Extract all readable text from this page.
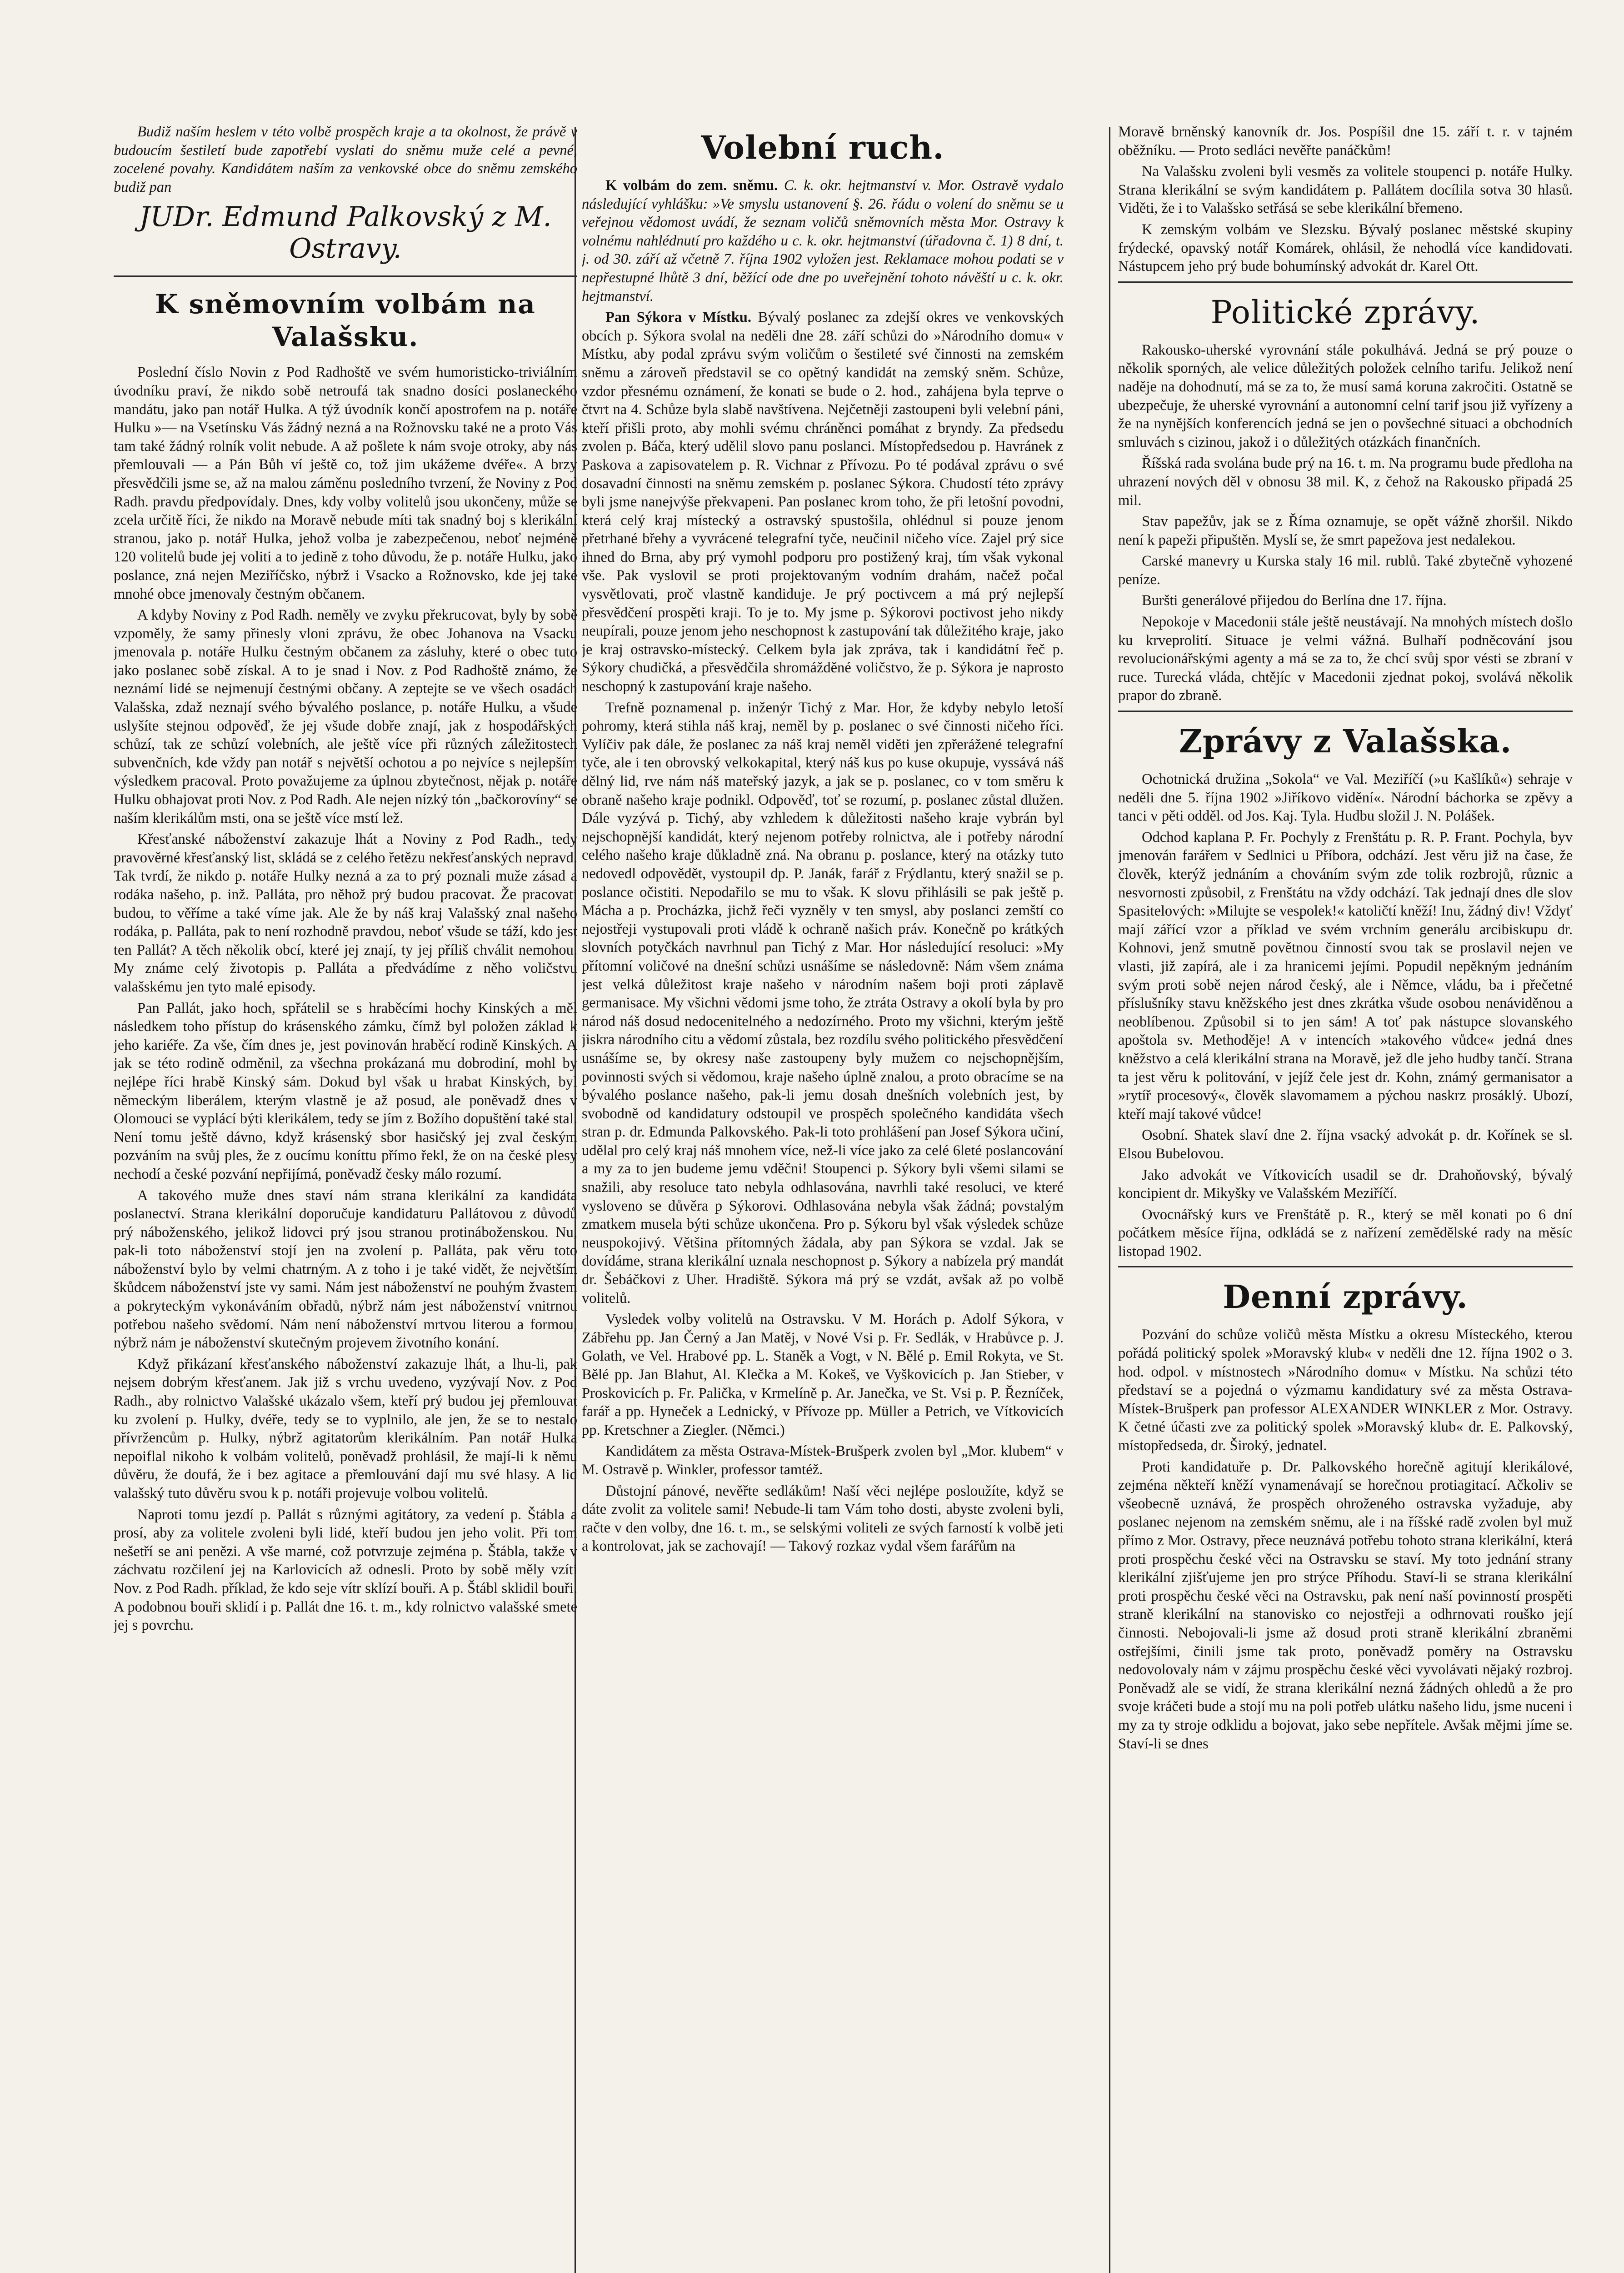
Budiž naším heslem v této volbě prospěch kraje a ta okolnost, že právě v budoucím šestiletí bude zapotřebí vyslati do sněmu muže celé a pevné, zocelené povahy. Kandidátem naším za venkovské obce do sněmu zemského budiž pan

JUDr. Edmund Palkovský z M. Ostravy.
K sněmovním volbám na Valašsku.

Poslední číslo Novin z Pod Radhoště ve svém humoristicko-triviálním úvodníku praví, že nikdo sobě netroufá tak snadno dosíci poslaneckého mandátu, jako pan notář Hulka. A týž úvodník končí apostrofem na p. notáře Hulku »— na Vsetínsku Vás žádný nezná a na Rožnovsku také ne a proto Vás tam také žádný rolník volit nebude. A až pošlete k nám svoje otroky, aby nás přemlouvali — a Pán Bůh ví ještě co, tož jim ukážeme dvéře«. A brzy přesvědčili jsme se, až na malou záměnu posledního tvrzení, že Noviny z Pod Radh. pravdu předpovídaly. Dnes, kdy volby volitelů jsou ukončeny, může se zcela určitě říci, že nikdo na Moravě nebude míti tak snadný boj s klerikální stranou, jako p. notář Hulka, jehož volba je zabezpečenou, neboť nejméně 120 volitelů bude jej voliti a to jedině z toho důvodu, že p. notáře Hulku, jako poslance, zná nejen Meziříčsko, nýbrž i Vsacko a Rožnovsko, kde jej také mnohé obce jmenovaly čestným občanem.

A kdyby Noviny z Pod Radh. neměly ve zvyku překrucovat, byly by sobě vzpoměly, že samy přinesly vloni zprávu, že obec Johanova na Vsacku jmenovala p. notáře Hulku čestným občanem za zásluhy, které o obec tuto jako poslanec sobě získal. A to je snad i Nov. z Pod Radhoště známo, že neznámí lidé se nejmenují čestnými občany. A zeptejte se ve všech osadách Valašska, zdaž neznají svého bývalého poslance, p. notáře Hulku, a všude uslyšíte stejnou odpověď, že jej všude dobře znají, jak z hospodářských schůzí, tak ze schůzí volebních, ale ještě více při různých záležitostech subvenčních, kde vždy pan notář s největší ochotou a po nejvíce s nejlepším výsledkem pracoval. Proto považujeme za úplnou zbytečnost, nějak p. notáře Hulku obhajovat proti Nov. z Pod Radh. Ale nejen nízký tón „bačkorovíny“ se naším klerikálům msti, ona se ještě více mstí lež.

Křesťanské náboženství zakazuje lhát a Noviny z Pod Radh., tedy pravověrné křesťanský list, skládá se z celého řetězu nekřesťanských nepravd. Tak tvrdí, že nikdo p. notáře Hulky nezná a za to prý poznali muže zásad a rodáka našeho, p. inž. Palláta, pro něhož prý budou pracovat. Že pracovati budou, to věříme a také víme jak. Ale že by náš kraj Valašský znal našeho rodáka, p. Palláta, pak to není rozhodně pravdou, neboť všude se táží, kdo jest ten Pallát? A těch několik obcí, které jej znají, ty jej příliš chválit nemohou. My známe celý životopis p. Palláta a předvádíme z něho voličstvu valašskému jen tyto malé episody.

Pan Pallát, jako hoch, spřátelil se s hraběcími hochy Kinských a měl následkem toho přístup do krásenského zámku, čímž byl položen základ k jeho kariéře. Za vše, čím dnes je, jest povinován hraběcí rodině Kinských. A jak se této rodině odměnil, za všechna prokázaná mu dobrodiní, mohl by nejlépe říci hrabě Kinský sám. Dokud byl však u hrabat Kinských, byl německým liberálem, kterým vlastně je až posud, ale poněvadž dnes v Olomouci se vyplácí býti klerikálem, tedy se jím z Božího dopuštění také stal. Není tomu ještě dávno, když krásenský sbor hasičský jej zval českým pozváním na svůj ples, že z oucímu koníttu přímo řekl, že on na české plesy nechodí a české pozvání nepřijímá, poněvadž česky málo rozumí.

A takového muže dnes staví nám strana klerikální za kandidáta poslanectví. Strana klerikální doporučuje kandidaturu Pallátovou z důvodů prý náboženského, jelikož lidovci prý jsou stranou protináboženskou. Nu, pak-li toto náboženství stojí jen na zvolení p. Palláta, pak věru toto náboženství bylo by velmi chatrným. A z toho i je také vidět, že největším škůdcem náboženství jste vy sami. Nám jest náboženství ne pouhým žvastem a pokryteckým vykonáváním obřadů, nýbrž nám jest náboženství vnitrnou potřebou našeho svědomí. Nám není náboženství mrtvou literou a formou, nýbrž nám je náboženství skutečným projevem životního konání.

Když přikázaní křesťanského náboženství zakazuje lhát, a lhu-li, pak nejsem dobrým křesťanem. Jak již s vrchu uvedeno, vyzývají Nov. z Pod Radh., aby rolnictvo Valašské ukázalo všem, kteří prý budou jej přemlouvat ku zvolení p. Hulky, dvéře, tedy se to vyplnilo, ale jen, že se to nestalo přívržencům p. Hulky, nýbrž agitatorům klerikálním. Pan notář Hulka nepoiflal nikoho k volbám volitelů, poněvadž prohlásil, že mají-li k němu důvěru, že doufá, že i bez agitace a přemlouvání dají mu své hlasy. A lid valašský tuto důvěru svou k p. notáři projevuje volbou volitelů.

Naproti tomu jezdí p. Pallát s různými agitátory, za vedení p. Štábla a prosí, aby za volitele zvoleni byli lidé, kteří budou jen jeho volit. Při tom nešetří se ani penězi. A vše marné, což potvrzuje zejména p. Štábla, takže v záchvatu rozčilení jej na Karlovicích až odnesli. Proto by sobě měly vzíti Nov. z Pod Radh. příklad, že kdo seje vítr sklízí bouři. A p. Štábl sklidil bouři. A podobnou bouři sklidí i p. Pallát dne 16. t. m., kdy rolnictvo valašské smete jej s povrchu.

Volební ruch.

K volbám do zem. sněmu. C. k. okr. hejtmanství v. Mor. Ostravě vydalo následující vyhlášku: »Ve smyslu ustanovení §. 26. řádu o volení do sněmu se u veřejnou vědomost uvádí, že seznam voličů sněmovních města Mor. Ostravy k volnému nahlédnutí pro každého u c. k. okr. hejtmanství (úřadovna č. 1) 8 dní, t. j. od 30. září až včetně 7. října 1902 vyložen jest. Reklamace mohou podati se v nepřestupné lhůtě 3 dní, běžící ode dne po uveřejnění tohoto návěští u c. k. okr. hejtmanství.

Pan Sýkora v Místku. Bývalý poslanec za zdejší okres ve venkovských obcích p. Sýkora svolal na neděli dne 28. září schůzi do »Národního domu« v Místku, aby podal zprávu svým voličům o šestileté své činnosti na zemském sněmu a zároveň představil se co opětný kandidát na zemský sněm. Schůze, vzdor přesnému oznámení, že konati se bude o 2. hod., zahájena byla teprve o čtvrt na 4. Schůze byla slabě navštívena. Nejčetněji zastoupeni byli velební páni, kteří přišli proto, aby mohli svému chráněnci pomáhat z bryndy. Za předsedu zvolen p. Báča, který udělil slovo panu poslanci. Místopředsedou p. Havránek z Paskova a zapisovatelem p. R. Vichnar z Přívozu. Po té podával zprávu o své dosavadní činnosti na sněmu zemském p. poslanec Sýkora. Chudostí této zprávy byli jsme nanejvýše překvapeni. Pan poslanec krom toho, že při letošní povodni, která celý kraj místecký a ostravský spustošila, ohlédnul si pouze jenom přetrhané břehy a vyvrácené telegrafní tyče, neučinil ničeho více. Zajel prý sice ihned do Brna, aby prý vymohl podporu pro postižený kraj, tím však vykonal vše. Pak vyslovil se proti projektovaným vodním drahám, načež počal vysvětlovati, proč vlastně kandiduje. Je prý poctivcem a má prý nejlepší přesvědčení prospěti kraji. To je to. My jsme p. Sýkorovi poctivost jeho nikdy neupírali, pouze jenom jeho neschopnost k zastupování tak důležitého kraje, jako je kraj ostravsko-místecký. Celkem byla jak zpráva, tak i kandidátní řeč p. Sýkory chudičká, a přesvědčila shromážděné voličstvo, že p. Sýkora je naprosto neschopný k zastupování kraje našeho.

Trefně poznamenal p. inženýr Tichý z Mar. Hor, že kdyby nebylo letoší pohromy, která stihla náš kraj, neměl by p. poslanec o své činnosti ničeho říci. Vylíčiv pak dále, že poslanec za náš kraj neměl viděti jen zpřerážené telegrafní tyče, ale i ten obrovský velkokapital, který náš kus po kuse okupuje, vyssává náš dělný lid, rve nám náš mateřský jazyk, a jak se p. poslanec, co v tom směru k obraně našeho kraje podnikl. Odpověď, toť se rozumí, p. poslanec zůstal dlužen. Dále vyzývá p. Tichý, aby vzhledem k důležitosti našeho kraje vybrán byl nejschopnější kandidát, který nejenom potřeby rolnictva, ale i potřeby národní celého našeho kraje důkladně zná. Na obranu p. poslance, který na otázky tuto nedovedl odpovědět, vystoupil dp. P. Janák, farář z Frýdlantu, který snažil se p. poslance očistiti. Nepodařilo se mu to však. K slovu přihlásili se pak ještě p. Mácha a p. Procházka, jichž řeči vyzněly v ten smysl, aby poslanci zemští co nejostřeji vystupovali proti vládě k ochraně našich práv. Konečně po krátkých slovních potyčkách navrhnul pan Tichý z Mar. Hor následující resoluci: »My přítomní voličové na dnešní schůzi usnášíme se následovně: Nám všem známa jest velká důležitost kraje našeho v národním našem boji proti záplavě germanisace. My všichni vědomi jsme toho, že ztráta Ostravy a okolí byla by pro národ náš dosud nedocenitelného a nedozírného. Proto my všichni, kterým ještě jiskra národního citu a vědomí zůstala, bez rozdílu svého politického přesvědčení usnášíme se, by okresy naše zastoupeny byly mužem co nejschopnějším, povinnosti svých si vědomou, kraje našeho úplně znalou, a proto obracíme se na bývalého poslance našeho, pak-li jemu dosah dnešních volebních jest, by svobodně od kandidatury odstoupil ve prospěch společného kandidáta všech stran p. dr. Edmunda Palkovského. Pak-li toto prohlášení pan Josef Sýkora učiní, udělal pro celý kraj náš mnohem více, než-li více jako za celé 6leté poslancování a my za to jen budeme jemu vděčni! Stoupenci p. Sýkory byli všemi silami se snažili, aby resoluce tato nebyla odhlasována, navrhli také resoluci, ve které vysloveno se důvěra p Sýkorovi. Odhlasována nebyla však žádná; povstalým zmatkem musela býti schůze ukončena. Pro p. Sýkoru byl však výsledek schůze neuspokojivý. Většina přítomných žádala, aby pan Sýkora se vzdal. Jak se dovídáme, strana klerikální uznala neschopnost p. Sýkory a nabízela prý mandát dr. Šebáčkovi z Uher. Hradiště. Sýkora má prý se vzdát, avšak až po volbě volitelů.

Vysledek volby volitelů na Ostravsku. V M. Horách p. Adolf Sýkora, v Zábřehu pp. Jan Černý a Jan Matěj, v Nové Vsi p. Fr. Sedlák, v Hrabůvce p. J. Golath, ve Vel. Hrabové pp. L. Staněk a Vogt, v N. Bělé p. Emil Rokyta, ve St. Bělé pp. Jan Blahut, Al. Klečka a M. Kokeš, ve Vyškovicích p. Jan Stieber, v Proskovicích p. Fr. Palička, v Krmelíně p. Ar. Janečka, ve St. Vsi p. P. Řezníček, farář a pp. Hyneček a Lednický, v Přívoze pp. Müller a Petrich, ve Vítkovicích pp. Kretschner a Ziegler. (Němci.)

Kandidátem za města Ostrava-Místek-Brušperk zvolen byl „Mor. klubem“ v M. Ostravě p. Winkler, professor tamtéž.

Důstojní pánové, nevěřte sedlákům! Naší věci nejlépe posloužíte, když se dáte zvolit za volitele sami! Nebude-li tam Vám toho dosti, abyste zvoleni byli, račte v den volby, dne 16. t. m., se selskými voliteli ze svých farností k volbě jeti a kontrolovat, jak se zachovají! — Takový rozkaz vydal všem farářům na

Moravě brněnský kanovník dr. Jos. Pospíšil dne 15. září t. r. v tajném oběžníku. — Proto sedláci nevěřte panáčkům!

Na Valašsku zvoleni byli vesměs za volitele stoupenci p. notáře Hulky. Strana klerikální se svým kandidátem p. Pallátem docílila sotva 30 hlasů. Viděti, že i to Valašsko setřásá se sebe klerikální břemeno.

K zemským volbám ve Slezsku. Bývalý poslanec městské skupiny frýdecké, opavský notář Komárek, ohlásil, že nehodlá více kandidovati. Nástupcem jeho prý bude bohumínský advokát dr. Karel Ott.

Politické zprávy.

Rakousko-uherské vyrovnání stále pokulhává. Jedná se prý pouze o několik sporných, ale velice důležitých položek celního tarifu. Jelikož není naděje na dohodnutí, má se za to, že musí samá koruna zakročiti. Ostatně se ubezpečuje, že uherské vyrovnání a autonomní celní tarif jsou již vyřízeny a že na nynějších konferencích jedná se jen o povšechné situaci a obchodních smluvách s cizinou, jakož i o důležitých otázkách finančních.

Říšská rada svolána bude prý na 16. t. m. Na programu bude předloha na uhrazení nových děl v obnosu 38 mil. K, z čehož na Rakousko připadá 25 mil.

Stav papežův, jak se z Říma oznamuje, se opět vážně zhoršil. Nikdo není k papeži připuštěn. Myslí se, že smrt papežova jest nedalekou.

Carské manevry u Kurska staly 16 mil. rublů. Také zbytečně vyhozené peníze.

Buršti generálové přijedou do Berlína dne 17. října.

Nepokoje v Macedonii stále ještě neustávají. Na mnohých místech došlo ku krveprolití. Situace je velmi vážná. Bulhaří podněcování jsou revolucionářskými agenty a má se za to, že chcí svůj spor vésti se zbraní v ruce. Turecká vláda, chtějíc v Macedonii zjednat pokoj, svolává několik prapor do zbraně.

Zprávy z Valašska.

Ochotnická družina „Sokola“ ve Val. Meziříčí (»u Kašlíků«) sehraje v neděli dne 5. října 1902 »Jiříkovo vidění«. Národní báchorka se zpěvy a tanci v pěti odděl. od Jos. Kaj. Tyla. Hudbu složil J. N. Polášek.

Odchod kaplana P. Fr. Pochyly z Frenštátu p. R. P. Frant. Pochyla, byv jmenován farářem v Sedlnici u Příbora, odchází. Jest věru již na čase, že člověk, kterýž jednáním a chováním svým zde tolik rozbrojů, různic a nesvornosti způsobil, z Frenštátu na vždy odchází. Tak jednají dnes dle slov Spasitelových: »Milujte se vespolek!« katoličtí kněží! Inu, žádný div! Vždyť mají zářící vzor a příklad ve svém vrchním generálu arcibiskupu dr. Kohnovi, jenž smutně povětnou činností svou tak se proslavil nejen ve vlasti, již zapírá, ale i za hranicemi jejími. Popudil nepěkným jednáním svým proti sobě nejen národ český, ale i Němce, vládu, ba i přečetné příslušníky stavu kněžského jest dnes zkrátka všude osobou nenáviděnou a neoblíbenou. Způsobil si to jen sám! A toť pak nástupce slovanského apoštola sv. Methoděje! A v intencích »takového vůdce« jedná dnes kněžstvo a celá klerikální strana na Moravě, jež dle jeho hudby tančí. Strana ta jest věru k politování, v jejíž čele jest dr. Kohn, známý germanisator a »rytíř procesový«, člověk slavomamem a pýchou naskrz prosáklý. Ubozí, kteří mají takové vůdce!

Osobní. Shatek slaví dne 2. října vsacký advokát p. dr. Kořínek se sl. Elsou Bubelovou.

Jako advokát ve Vítkovicích usadil se dr. Drahoňovský, bývalý koncipient dr. Mikyšky ve Valašském Meziříčí.

Ovocnářský kurs ve Frenštátě p. R., který se měl konati po 6 dní počátkem měsíce října, odkládá se z nařízení zemědělské rady na měsíc listopad 1902.

Denní zprávy.

Pozvání do schůze voličů města Místku a okresu Místeckého, kterou pořádá politický spolek »Moravský klub« v neděli dne 12. října 1902 o 3. hod. odpol. v místnostech »Národního domu« v Místku. Na schůzi této představí se a pojedná o výzmamu kandidatury své za města Ostrava-Místek-Brušperk pan professor ALEXANDER WINKLER z Mor. Ostravy. K četné účasti zve za politický spolek »Moravský klub« dr. E. Palkovský, místopředseda, dr. Široký, jednatel.

Proti kandidatuře p. Dr. Palkovského horečně agitují klerikálové, zejména někteří kněží vynamenávají se horečnou protiagitací. Ačkoliv se všeobecně uznává, že prospěch ohroženého ostravska vyžaduje, aby poslanec nejenom na zemském sněmu, ale i na říšské radě zvolen byl muž přímo z Mor. Ostravy, přece neuznává potřebu tohoto strana klerikální, která proti prospěchu české věci na Ostravsku se staví. My toto jednání strany klerikální zjišťujeme jen pro strýce Příhodu. Staví-li se strana klerikální proti prospěchu české věci na Ostravsku, pak není naší povinností prospěti straně klerikální na stanovisko co nejostřeji a odhrnovati rouško její činnosti. Nebojovali-li jsme až dosud proti straně klerikální zbraněmi ostřejšími, činili jsme tak proto, poněvadž poměry na Ostravsku nedovolovaly nám v zájmu prospěchu české věci vyvolávati nějaký rozbroj. Poněvadž ale se vidí, že strana klerikální nezná žádných ohledů a že pro svoje kráčeti bude a stojí mu na poli potřeb ulátku našeho lidu, jsme nuceni i my za ty stroje odklidu a bojovat, jako sebe nepřítele. Avšak mějmi jíme se. Staví-li se dnes
